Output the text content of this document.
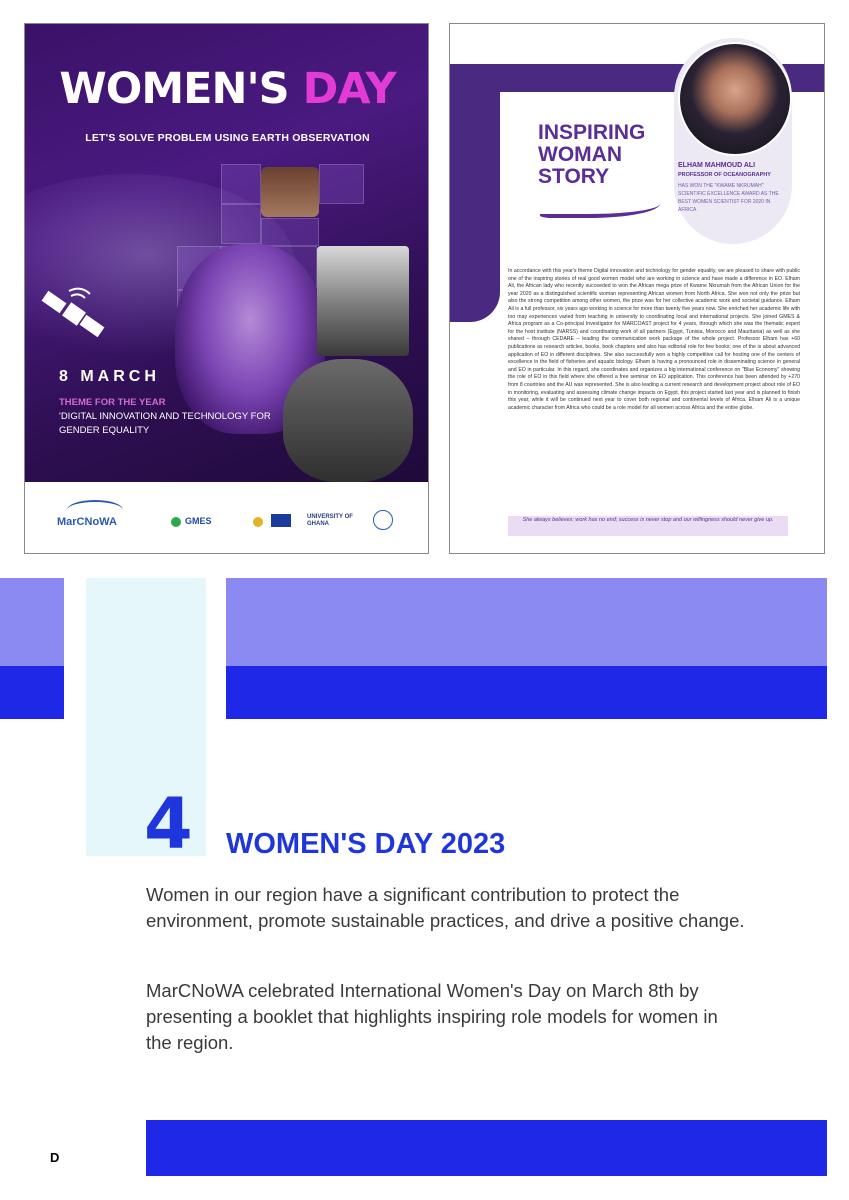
WOMEN'S DAY
LET'S SOLVE PROBLEM USING EARTH OBSERVATION
8 MARCH
THEME FOR THE YEAR
'DIGITAL INNOVATION AND TECHNOLOGY FOR GENDER EQUALITY
MarCNoWA	GMES	UNIVERSITY OF GHANA
INSPIRING
WOMAN
STORY	ELHAM MAHMOUD ALI
PROFESSOR OF OCEANOGRAPHY
HAS WON THE "KWAME NKRUMAH" SCIENTIFIC EXCELLENCE AWARD AS THE BEST WOMEN SCIENTIST FOR 2020 IN AFRICA

In accordance with this year's theme Digital innovation and technology for gender equality, we are pleased to share with public one of the inspiring stories of real good women model who are working in science and have made a difference in EO. Elham Ali, the African lady who recently succeeded to won the African mega prize of Kwame Nkrumah from the African Union for the year 2020 as a distinguished scientific woman representing African women from North Africa. She won not only the prize but also the strong competition among other women, the prize was for her collective academic work and societal guidance. Elham Ali is a full professor, six years ago working in science for more than twenty five years now. She enriched her academic life with too may experiences varied from teaching in university to coordinating local and international projects. She joined GMES & Africa program as a Co-principal Investigator for MARCOAST project for 4 years, through which she was the thematic expert for the host institute (NARSS) and coordinating work of all partners (Egypt, Tunisia, Morocco and Mauritania) as well as she shared – through CEDARE – leading the communication work package of the whole project. Professor Elham has +60 publications as research articles, books, book chapters and also has editorial role for few books; one of the is about advanced application of EO in different disciplines. She also successfully won a highly competitive call for hosting one of the centers of excellence in the field of fisheries and aquatic biology. Elham is having a pronounced role in disseminating science in general and EO in particular. In this regard, she coordinates and organizes a big international conference on "Blue Economy" showing the role of EO in this field where she offered a free seminar on EO application. This conference has been attended by +270 from 8 countries and the AU was represented. She is also leading a current research and development project about role of EO in monitoring, evaluating and assessing climate change impacts on Egypt, this project started last year and is planned to finish this year, while it will be continued next year to cover both regional and continental levels of Africa. Elham Ali is a unique academic character from Africa who could be a role model for all women across Africa and the entire globe.

She always believes: work has no end; success is never stop and our willingness should never give up.
4 WOMEN'S DAY 2023

Women in our region have a significant contribution to protect the environment, promote sustainable practices, and drive a positive change.

MarCNoWA celebrated International Women's Day on March 8th by presenting a booklet that highlights inspiring role models for women in the region.

D
